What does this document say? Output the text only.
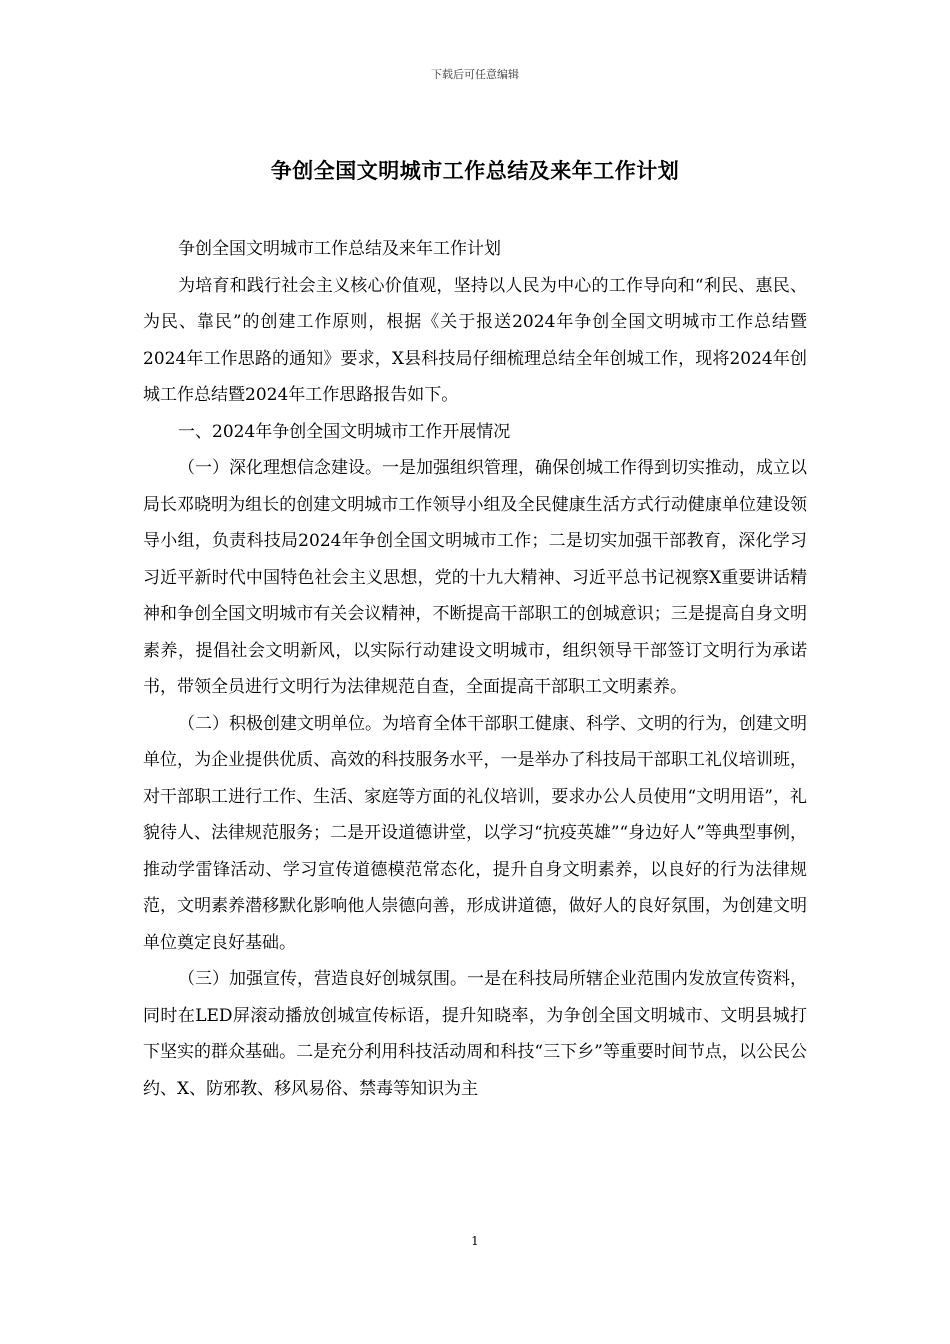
下载后可任意编辑
争创全国文明城市工作总结及来年工作计划

争创全国文明城市工作总结及来年工作计划

为培育和践行社会主义核心价值观，坚持以人民为中心的工作导向和“利民、惠民、为民、靠民”的创建工作原则，根据《关于报送2024年争创全国文明城市工作总结暨2024年工作思路的通知》要求，X县科技局仔细梳理总结全年创城工作，现将2024年创城工作总结暨2024年工作思路报告如下。

一、2024年争创全国文明城市工作开展情况

（一）深化理想信念建设。一是加强组织管理，确保创城工作得到切实推动，成立以局长邓晓明为组长的创建文明城市工作领导小组及全民健康生活方式行动健康单位建设领导小组，负责科技局2024年争创全国文明城市工作；二是切实加强干部教育，深化学习习近平新时代中国特色社会主义思想，党的十九大精神、习近平总书记视察X重要讲话精神和争创全国文明城市有关会议精神，不断提高干部职工的创城意识；三是提高自身文明素养，提倡社会文明新风，以实际行动建设文明城市，组织领导干部签订文明行为承诺书，带领全员进行文明行为法律规范自查，全面提高干部职工文明素养。

（二）积极创建文明单位。为培育全体干部职工健康、科学、文明的行为，创建文明单位，为企业提供优质、高效的科技服务水平，一是举办了科技局干部职工礼仪培训班，对干部职工进行工作、生活、家庭等方面的礼仪培训，要求办公人员使用“文明用语”，礼貌待人、法律规范服务；二是开设道德讲堂，以学习“抗疫英雄”“身边好人”等典型事例，推动学雷锋活动、学习宣传道德模范常态化，提升自身文明素养，以良好的行为法律规范，文明素养潜移默化影响他人崇德向善，形成讲道德，做好人的良好氛围，为创建文明单位奠定良好基础。

（三）加强宣传，营造良好创城氛围。一是在科技局所辖企业范围内发放宣传资料，同时在LED屏滚动播放创城宣传标语，提升知晓率，为争创全国文明城市、文明县城打下坚实的群众基础。二是充分利用科技活动周和科技“三下乡”等重要时间节点，以公民公约、X、防邪教、移风易俗、禁毒等知识为主

1
